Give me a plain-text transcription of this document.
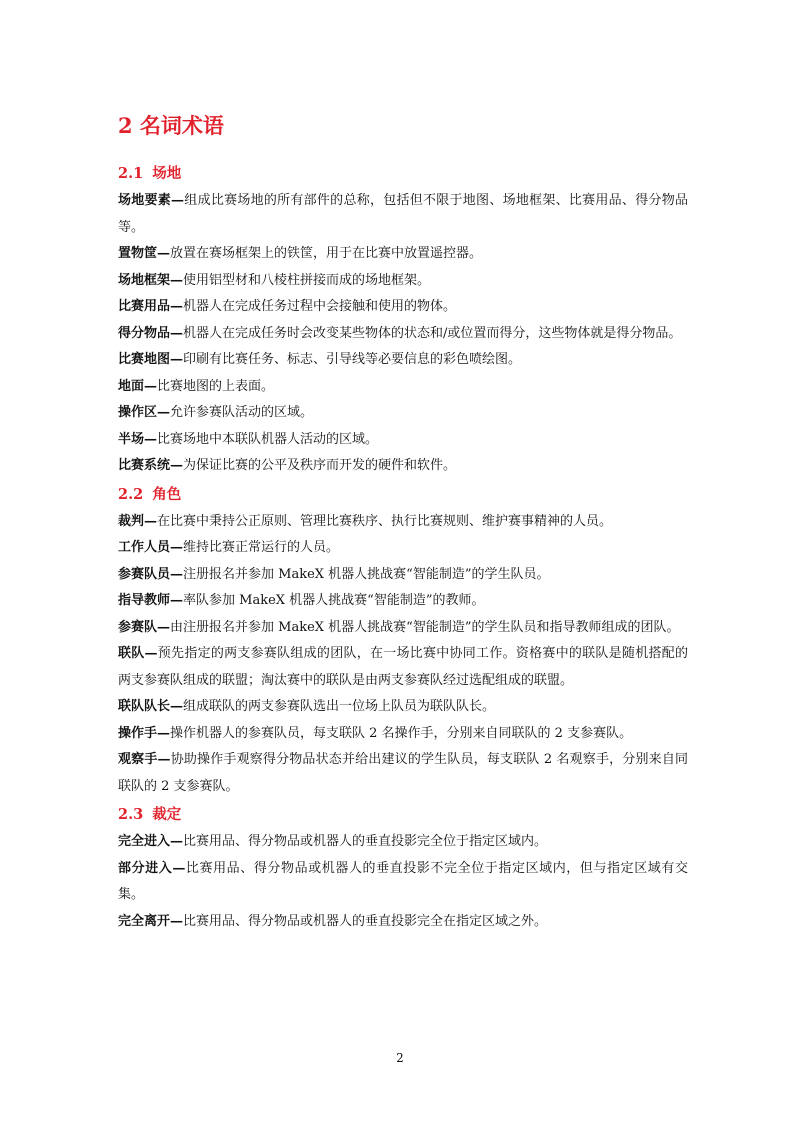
2 名词术语
2.1 场地

场地要素—组成比赛场地的所有部件的总称，包括但不限于地图、场地框架、比赛用品、得分物品等。

置物筐—放置在赛场框架上的铁筐，用于在比赛中放置遥控器。

场地框架—使用铝型材和八棱柱拼接而成的场地框架。

比赛用品—机器人在完成任务过程中会接触和使用的物体。

得分物品—机器人在完成任务时会改变某些物体的状态和/或位置而得分，这些物体就是得分物品。

比赛地图—印刷有比赛任务、标志、引导线等必要信息的彩色喷绘图。

地面—比赛地图的上表面。

操作区—允许参赛队活动的区域。

半场—比赛场地中本联队机器人活动的区域。

比赛系统—为保证比赛的公平及秩序而开发的硬件和软件。

2.2 角色

裁判—在比赛中秉持公正原则、管理比赛秩序、执行比赛规则、维护赛事精神的人员。

工作人员—维持比赛正常运行的人员。

参赛队员—注册报名并参加 MakeX 机器人挑战赛“智能制造”的学生队员。

指导教师—率队参加 MakeX 机器人挑战赛“智能制造”的教师。

参赛队—由注册报名并参加 MakeX 机器人挑战赛“智能制造”的学生队员和指导教师组成的团队。

联队—预先指定的两支参赛队组成的团队，在一场比赛中协同工作。资格赛中的联队是随机搭配的两支参赛队组成的联盟；淘汰赛中的联队是由两支参赛队经过选配组成的联盟。

联队队长—组成联队的两支参赛队选出一位场上队员为联队队长。

操作手—操作机器人的参赛队员，每支联队 2 名操作手，分别来自同联队的 2 支参赛队。

观察手—协助操作手观察得分物品状态并给出建议的学生队员，每支联队 2 名观察手，分别来自同联队的 2 支参赛队。

2.3 裁定

完全进入—比赛用品、得分物品或机器人的垂直投影完全位于指定区域内。

部分进入—比赛用品、得分物品或机器人的垂直投影不完全位于指定区域内，但与指定区域有交集。

完全离开—比赛用品、得分物品或机器人的垂直投影完全在指定区域之外。

2
